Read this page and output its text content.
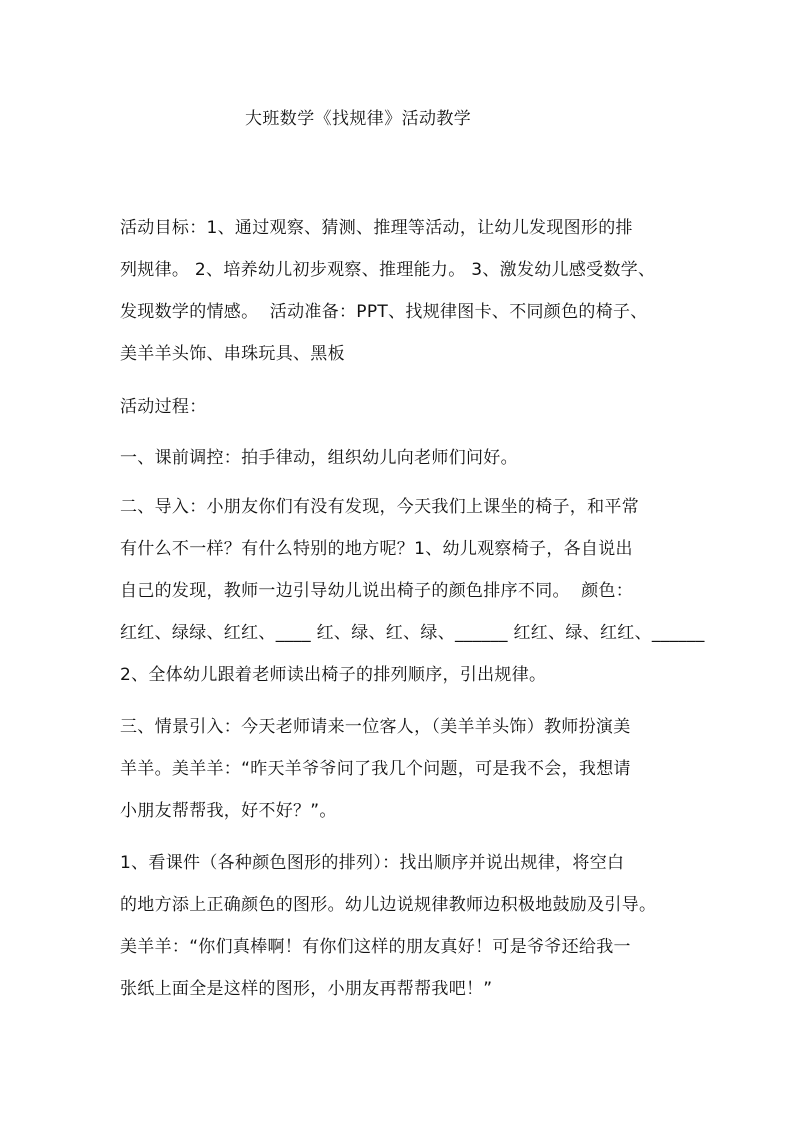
大班数学《找规律》活动教学
活动目标：1、通过观察、猜测、推理等活动，让幼儿发现图形的排
列规律。 2、培养幼儿初步观察、推理能力。 3、激发幼儿感受数学、
发现数学的情感。  活动准备：PPT、找规律图卡、不同颜色的椅子、
美羊羊头饰、串珠玩具、黑板
活动过程：
一、课前调控：拍手律动，组织幼儿向老师们问好。
二、导入：小朋友你们有没有发现，今天我们上课坐的椅子，和平常
有什么不一样？有什么特别的地方呢？1、幼儿观察椅子，各自说出
自己的发现，教师一边引导幼儿说出椅子的颜色排序不同。  颜色：
红红、绿绿、红红、____ 红、绿、红、绿、______ 红红、绿、红红、______
2、全体幼儿跟着老师读出椅子的排列顺序，引出规律。
三、情景引入：今天老师请来一位客人，（美羊羊头饰）教师扮演美
羊羊。美羊羊：“昨天羊爷爷问了我几个问题，可是我不会，我想请
小朋友帮帮我，好不好？”。
1、看课件（各种颜色图形的排列）：找出顺序并说出规律，将空白
的地方添上正确颜色的图形。幼儿边说规律教师边积极地鼓励及引导。
美羊羊：“你们真棒啊！有你们这样的朋友真好！可是爷爷还给我一
张纸上面全是这样的图形，小朋友再帮帮我吧！”
